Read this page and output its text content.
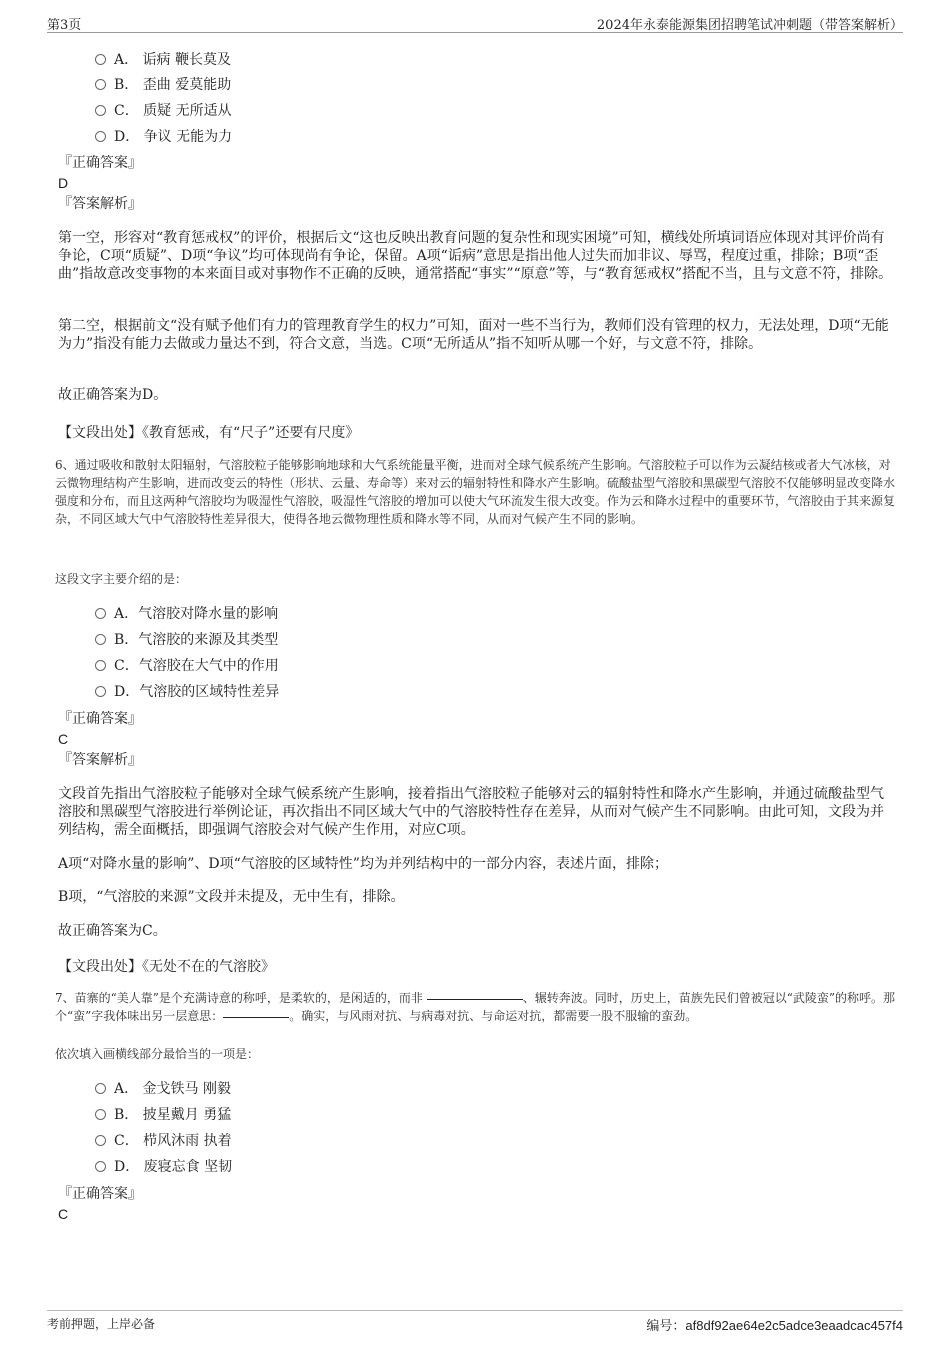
第3页	2024年永泰能源集团招聘笔试冲刺题（带答案解析）
A． 诟病 鞭长莫及
B． 歪曲 爱莫能助
C． 质疑 无所适从
D． 争议 无能为力
『正确答案』
D
『答案解析』
第一空，形容对“教育惩戒权”的评价，根据后文“这也反映出教育问题的复杂性和现实困境”可知，横线处所填词语应体现对其评价尚有争论，C项“质疑”、D项“争议”均可体现尚有争论，保留。A项“诟病”意思是指出他人过失而加非议、辱骂，程度过重，排除；B项“歪曲”指故意改变事物的本来面目或对事物作不正确的反映，通常搭配“事实”“原意”等，与“教育惩戒权”搭配不当，且与文意不符，排除。
第二空，根据前文“没有赋予他们有力的管理教育学生的权力”可知，面对一些不当行为，教师们没有管理的权力，无法处理，D项“无能为力”指没有能力去做或力量达不到，符合文意，当选。C项“无所适从”指不知听从哪一个好，与文意不符，排除。
故正确答案为D。
【文段出处】《教育惩戒，有“尺子”还要有尺度》
6、通过吸收和散射太阳辐射，气溶胶粒子能够影响地球和大气系统能量平衡，进而对全球气候系统产生影响。气溶胶粒子可以作为云凝结核或者大气冰核，对云微物理结构产生影响，进而改变云的特性（形状、云量、寿命等）来对云的辐射特性和降水产生影响。硫酸盐型气溶胶和黑碳型气溶胶不仅能够明显改变降水强度和分布，而且这两种气溶胶均为吸湿性气溶胶，吸湿性气溶胶的增加可以使大气环流发生很大改变。作为云和降水过程中的重要环节，气溶胶由于其来源复杂，不同区域大气中气溶胶特性差异很大，使得各地云微物理性质和降水等不同，从而对气候产生不同的影响。
这段文字主要介绍的是：
A．气溶胶对降水量的影响
B．气溶胶的来源及其类型
C．气溶胶在大气中的作用
D．气溶胶的区域特性差异
『正确答案』
C
『答案解析』
文段首先指出气溶胶粒子能够对全球气候系统产生影响，接着指出气溶胶粒子能够对云的辐射特性和降水产生影响，并通过硫酸盐型气溶胶和黑碳型气溶胶进行举例论证，再次指出不同区域大气中的气溶胶特性存在差异，从而对气候产生不同影响。由此可知，文段为并列结构，需全面概括，即强调气溶胶会对气候产生作用，对应C项。
A项“对降水量的影响”、D项“气溶胶的区域特性”均为并列结构中的一部分内容，表述片面，排除；
B项，“气溶胶的来源”文段并未提及，无中生有，排除。
故正确答案为C。
【文段出处】《无处不在的气溶胶》
7、苗寨的“美人靠”是个充满诗意的称呼，是柔软的，是闲适的，而非	、辗转奔波。同时，历史上，苗族先民们曾被冠以“武陵蛮”的称呼。那个“蛮”字我体味出另一层意思：	。确实，与风雨对抗、与病毒对抗、与命运对抗，都需要一股不服输的蛮劲。
依次填入画横线部分最恰当的一项是：
A． 金戈铁马 刚毅
B． 披星戴月 勇猛
C． 栉风沐雨 执着
D． 废寝忘食 坚韧
『正确答案』
C
考前押题，上岸必备	编号：af8df92ae64e2c5adce3eaadcac457f4
